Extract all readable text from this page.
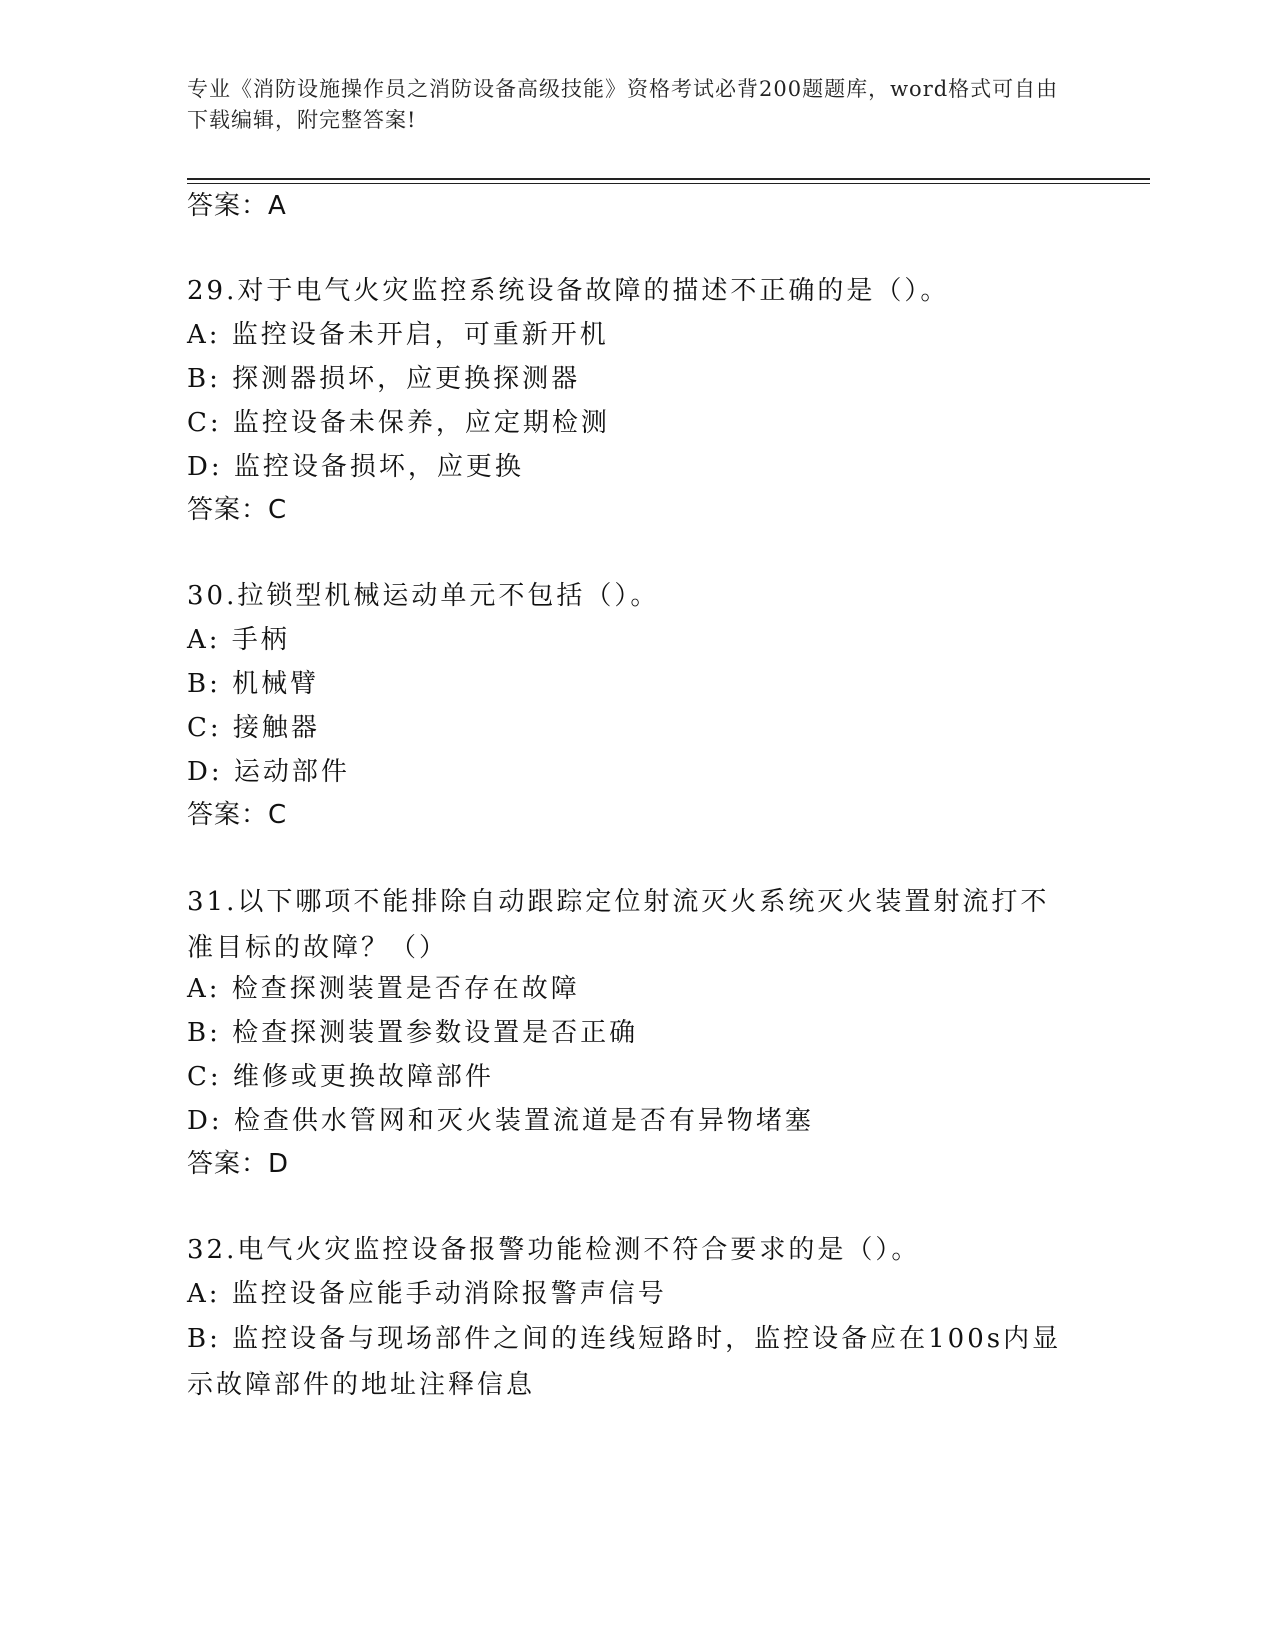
专业《消防设施操作员之消防设备高级技能》资格考试必背200题题库，word格式可自由下载编辑，附完整答案!
答案：A
29.对于电气火灾监控系统设备故障的描述不正确的是（）。
A: 监控设备未开启，可重新开机
B: 探测器损坏，应更换探测器
C: 监控设备未保养，应定期检测
D: 监控设备损坏，应更换
答案：C
30.拉锁型机械运动单元不包括（）。
A: 手柄
B: 机械臂
C: 接触器
D: 运动部件
答案：C
31.以下哪项不能排除自动跟踪定位射流灭火系统灭火装置射流打不准目标的故障？（）
A: 检查探测装置是否存在故障
B: 检查探测装置参数设置是否正确
C: 维修或更换故障部件
D: 检查供水管网和灭火装置流道是否有异物堵塞
答案：D
32.电气火灾监控设备报警功能检测不符合要求的是（）。
A: 监控设备应能手动消除报警声信号
B: 监控设备与现场部件之间的连线短路时，监控设备应在100s内显示故障部件的地址注释信息
